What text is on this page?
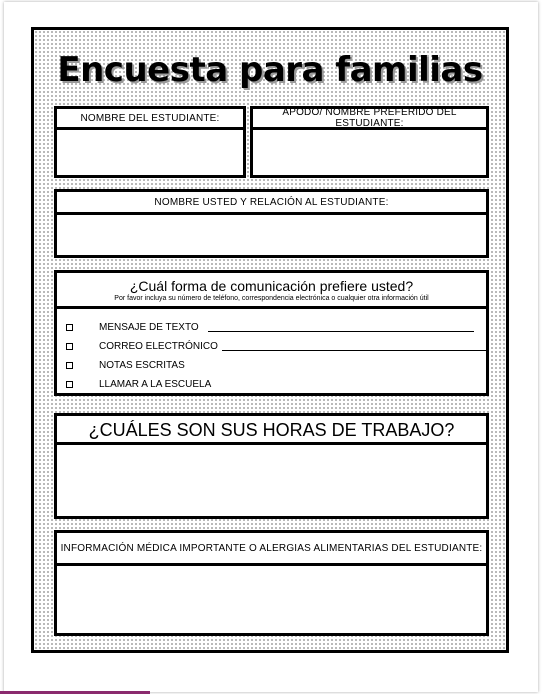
Encuesta para familias
NOMBRE DEL ESTUDIANTE:	APODO/ NOMBRE PREFERIDO DEL ESTUDIANTE:
NOMBRE USTED Y RELACIÓN AL ESTUDIANTE:
¿Cuál forma de comunicación prefiere usted?
Por favor incluya su número de teléfono, correspondencia electrónica o cualquier otra información útil
MENSAJE DE TEXTO
CORREO ELECTRÓNICO
NOTAS ESCRITAS
LLAMAR A LA ESCUELA
¿CUÁLES SON SUS HORAS DE TRABAJO?
INFORMACIÓN MÉDICA IMPORTANTE O ALERGIAS ALIMENTARIAS DEL ESTUDIANTE:
